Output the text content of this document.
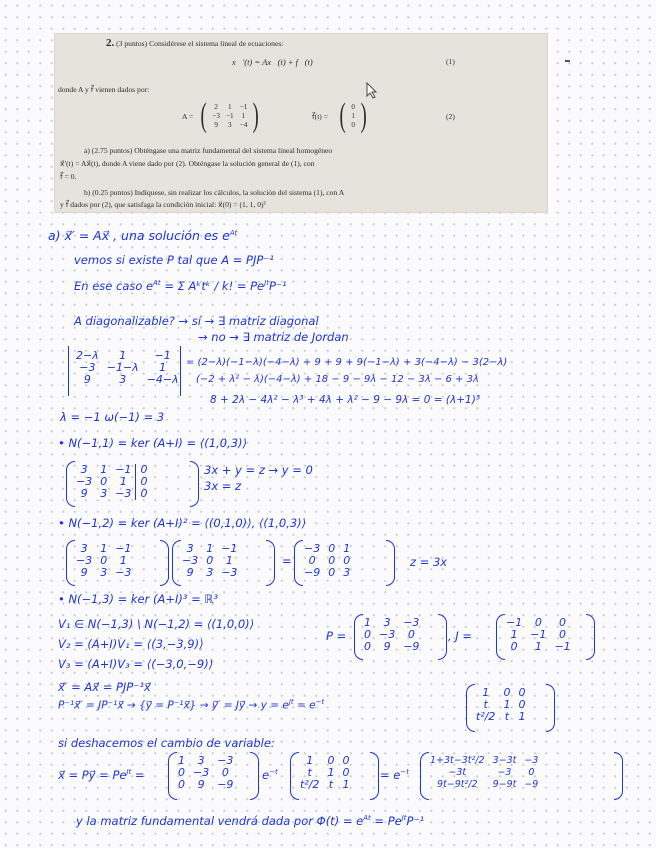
2. (3 puntos) Considérese el sistema lineal de ecuaciones:
x⃗′(t) = Ax⃗(t) + f⃗(t)	(1)
donde A y f⃗ vienen dados por:
A = ( 2	1	−1
−3	−1	1
9	3	−4 )	f⃗(t) = ( 0
1
0 )	(2)
a) (2.75 puntos) Obténgase una matriz fundamental del sistema lineal homogéneo
x⃗′(t) = Ax⃗(t), donde A viene dado por (2). Obténgase la solución general de (1), con
f⃗ = 0.
b) (0.25 puntos) Indíquese, sin realizar los cálculos, la solución del sistema (1), con A
y f⃗ dados por (2), que satisfaga la condición inicial: x⃗(0) = (1, 1, 0)ᵀ
a) x⃗′ = Ax⃗ , una solución es $e^{At}$
vemos si existe P tal que A = PJP⁻¹
En ese caso $e^{At} = \Sigma$ Aᵏtᵏ / k! = $Pe^{Jt}P^{-1}$
A diagonalizable? → sí → ∃ matriz diagonal
→ no → ∃ matriz de Jordan
2−λ	1	−1
−3	−1−λ	1
9	3	−4−λ
= (2−λ)(−1−λ)(−4−λ) + 9 + 9 + 9(−1−λ) + 3(−4−λ) − 3(2−λ)
(−2 + λ² − λ)(−4−λ) + 18 − 9 − 9λ − 12 − 3λ − 6 + 3λ
8 + 2λ − 4λ² − λ³ + 4λ + λ² − 9 − 9λ = 0 = (λ+1)³
λ = −1 ω(−1) = 3
• N(−1,1) = ker (A+I) = ⟨(1,0,3)⟩
3	1	−1	0
−3	0	1	0
9	3	−3	0
3x + y = z → y = 0
3x = z
• N(−1,2) = ker (A+I)² = ⟨(0,1,0)⟩, ⟨(1,0,3)⟩
3	1	−1
−3	0	1
9	3	−3
3	1	−1
−3	0	1
9	3	−3
=
−3	0	1
0	0	0
−9	0	3
z = 3x
• N(−1,3) = ker (A+I)³ = ℝ³
V₁ ∈ N(−1,3) \ N(−1,2) = ⟨(1,0,0)⟩
V₂ = (A+I)V₁ = ⟨(3,−3,9)⟩
V₃ = (A+I)V₃ = ⟨(−3,0,−9)⟩
P =
1	3	−3
0	−3	0
0	9	−9
, J =
−1	0	0
1	−1	0
0	1	−1
x⃗′ = Ax⃗ = PJP⁻¹x⃗
P⁻¹x⃗′ = JP⁻¹x⃗ → {y⃗ = P⁻¹x⃗} → y⃗′ = Jy⃗ → $y = e^{Jt} = e^{-t}$
1	0	0
t	1	0
t²/2	t	1
si deshacemos el cambio de variable:
x⃗ = Py⃗ = $Pe^{Jt}$ =
1	3	−3
0	−3	0
0	9	−9
$e^{-t}$
1	0	0
t	1	0
t²/2	t	1
= $e^{-t}$
1+3t−3t²/2	3−3t	−3
−3t	−3	0
9t−9t²/2	9−9t	−9
y la matriz fundamental vendrá dada por $\Phi(t) = e^{At} = Pe^{Jt}P^{-1}$
